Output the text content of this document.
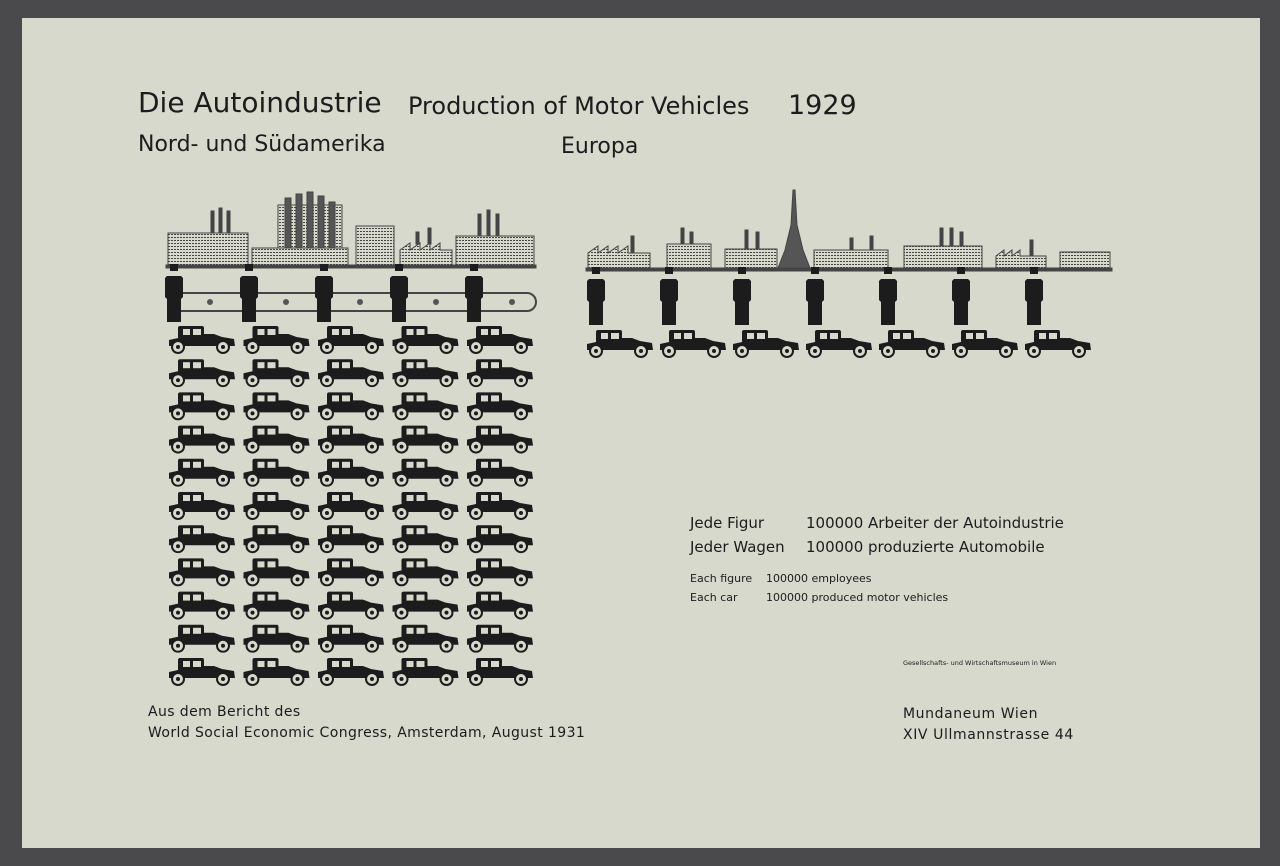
Die Autoindustrie Production of Motor Vehicles 1929
Nord- und Südamerika	Europa
Jede Figur	100000 Arbeiter der Autoindustrie
Jeder Wagen 100000 produzierte Automobile
Each figure 100000 employees
Each car	100000 produced motor vehicles
Gesellschafts- und Wirtschaftsmuseum in Wien
Aus dem Bericht des
World Social Economic Congress, Amsterdam, August 1931
Mundaneum Wien
XIV Ullmannstrasse 44
